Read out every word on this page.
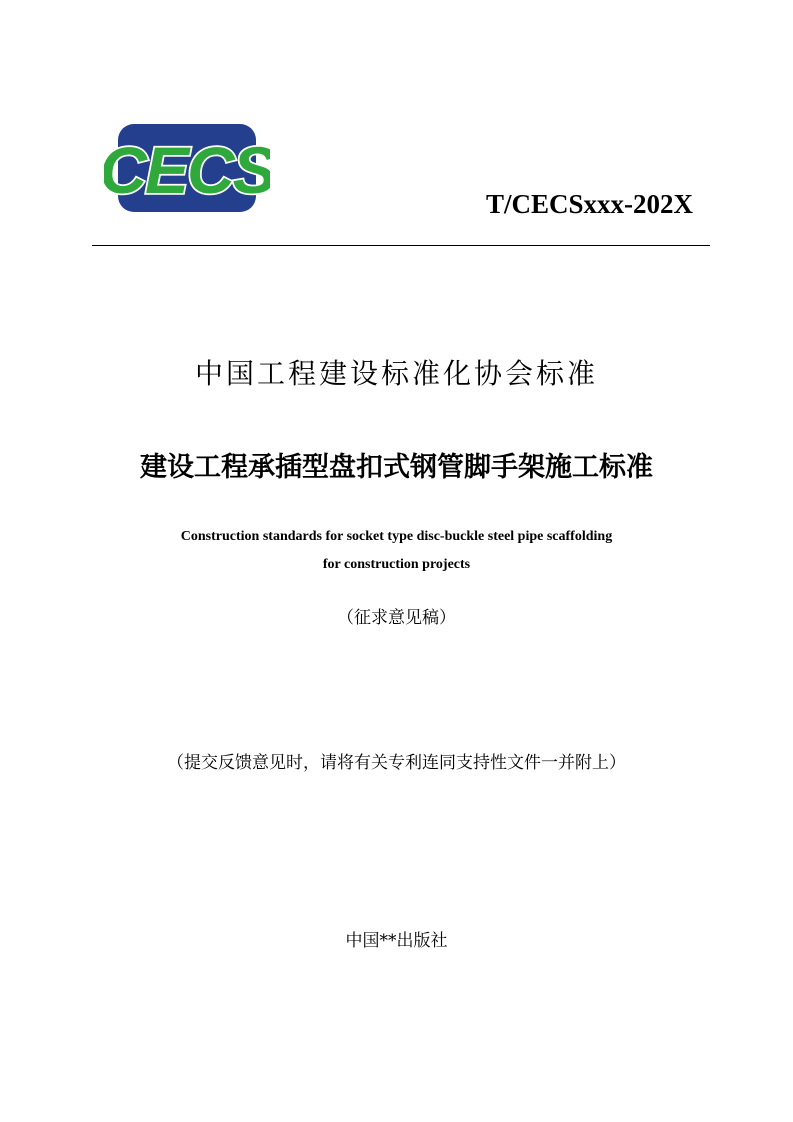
CECS	T/CECSxxx-202X
中国工程建设标准化协会标准
建设工程承插型盘扣式钢管脚手架施工标准
Construction standards for socket type disc-buckle steel pipe scaffolding
for construction projects
（征求意见稿）
（提交反馈意见时，请将有关专利连同支持性文件一并附上）
中国**出版社
